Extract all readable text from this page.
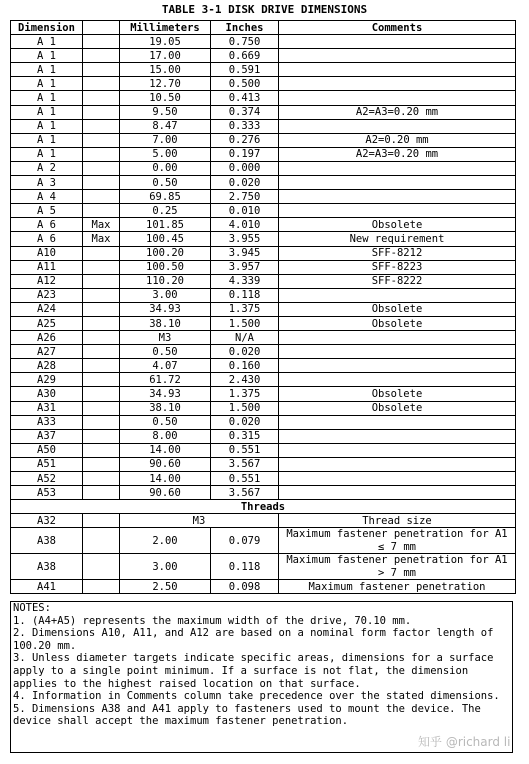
TABLE 3-1 DISK DRIVE DIMENSIONS
Dimension		Millimeters	Inches	Comments
A 1		19.05	0.750	
A 1		17.00	0.669	
A 1		15.00	0.591	
A 1		12.70	0.500	
A 1		10.50	0.413	
A 1		9.50	0.374	A2=A3=0.20 mm
A 1		8.47	0.333	
A 1		7.00	0.276	A2=0.20 mm
A 1		5.00	0.197	A2=A3=0.20 mm
A 2		0.00	0.000	
A 3		0.50	0.020	
A 4		69.85	2.750	
A 5		0.25	0.010	
A 6	Max	101.85	4.010	Obsolete
A 6	Max	100.45	3.955	New requirement
A10		100.20	3.945	SFF-8212
A11		100.50	3.957	SFF-8223
A12		110.20	4.339	SFF-8222
A23		3.00	0.118	
A24		34.93	1.375	Obsolete
A25		38.10	1.500	Obsolete
A26		M3	N/A	
A27		0.50	0.020	
A28		4.07	0.160	
A29		61.72	2.430	
A30		34.93	1.375	Obsolete
A31		38.10	1.500	Obsolete
A33		0.50	0.020	
A37		8.00	0.315	
A50		14.00	0.551	
A51		90.60	3.567	
A52		14.00	0.551	
A53		90.60	3.567	
Threads				
A32		M3		Thread size
A38		2.00	0.079	Maximum fastener penetration for A1 ≤ 7 mm
A38		3.00	0.118	Maximum fastener penetration for A1 > 7 mm
A41		2.50	0.098	Maximum fastener penetration
NOTES:
1. (A4+A5) represents the maximum width of the drive, 70.10 mm.
2. Dimensions A10, A11, and A12 are based on a nominal form factor length of 100.20 mm.
3. Unless diameter targets indicate specific areas, dimensions for a surface apply to a single point minimum. If a surface is not flat, the dimension applies to the highest raised location on that surface.
4. Information in Comments column take precedence over the stated dimensions.
5. Dimensions A38 and A41 apply to fasteners used to mount the device. The device shall accept the maximum fastener penetration.
知乎 @richard li
